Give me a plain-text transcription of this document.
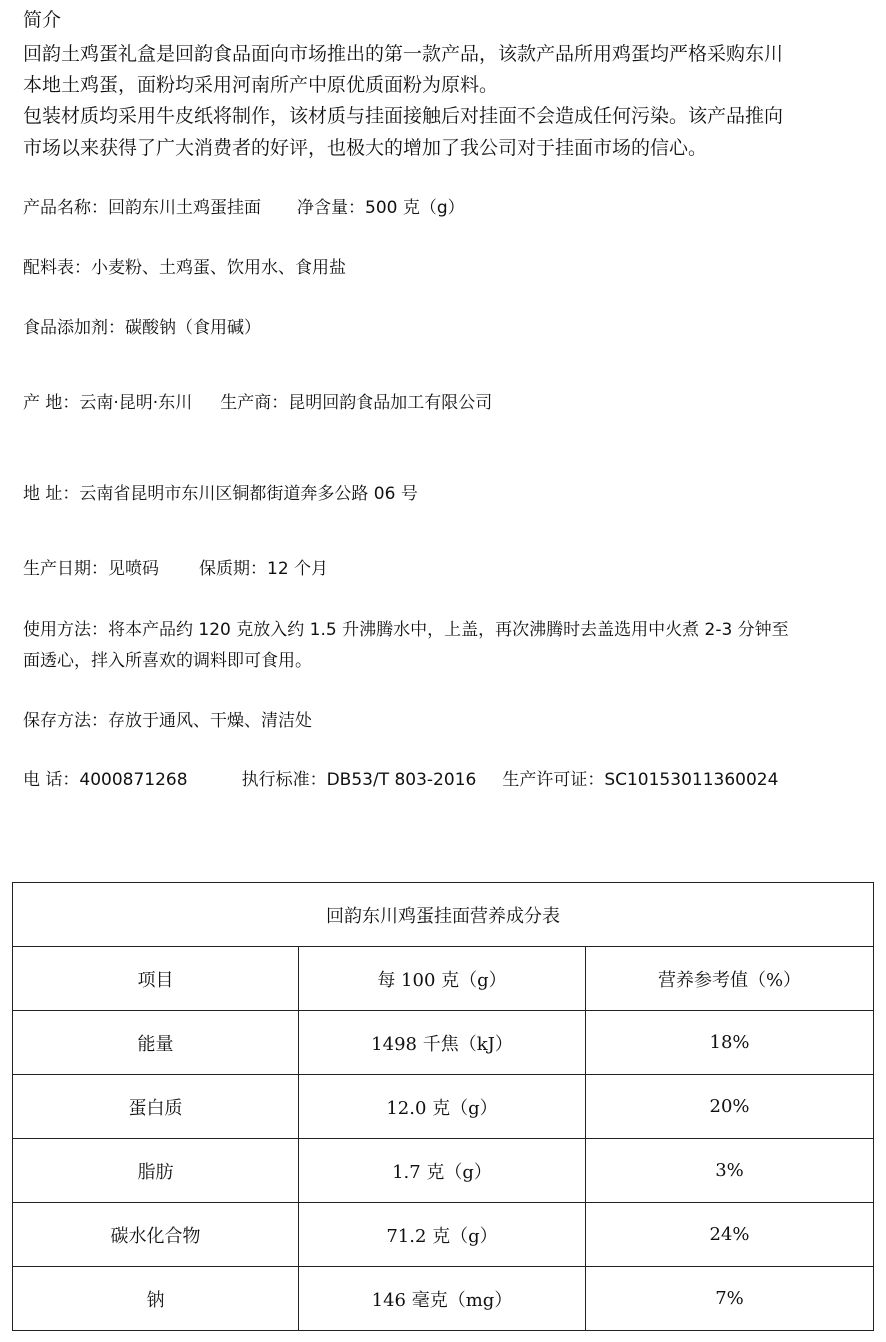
简介
回韵土鸡蛋礼盒是回韵食品面向市场推出的第一款产品，该款产品所用鸡蛋均严格采购东川
本地土鸡蛋，面粉均采用河南所产中原优质面粉为原料。
包装材质均采用牛皮纸将制作，该材质与挂面接触后对挂面不会造成任何污染。该产品推向
市场以来获得了广大消费者的好评，也极大的增加了我公司对于挂面市场的信心。
产品名称：回韵东川土鸡蛋挂面 净含量：500 克（g）
配料表：小麦粉、土鸡蛋、饮用水、食用盐
食品添加剂：碳酸钠（食用碱）
产 地：云南·昆明·东川 生产商：昆明回韵食品加工有限公司
地 址：云南省昆明市东川区铜都街道奔多公路 06 号
生产日期：见喷码 保质期：12 个月
使用方法：将本产品约 120 克放入约 1.5 升沸腾水中，上盖，再次沸腾时去盖选用中火煮 2-3 分钟至
面透心，拌入所喜欢的调料即可食用。
保存方法：存放于通风、干燥、清洁处
电 话：4000871268	执行标准：DB53/T 803-2016 生产许可证：SC10153011360024
回韵东川鸡蛋挂面营养成分表		
项目	每 100 克（g）	营养参考值（%）
能量	1498 千焦（kJ）	18%
蛋白质	12.0 克（g）	20%
脂肪	1.7 克（g）	3%
碳水化合物	71.2 克（g）	24%
钠	146 毫克（mg）	7%
